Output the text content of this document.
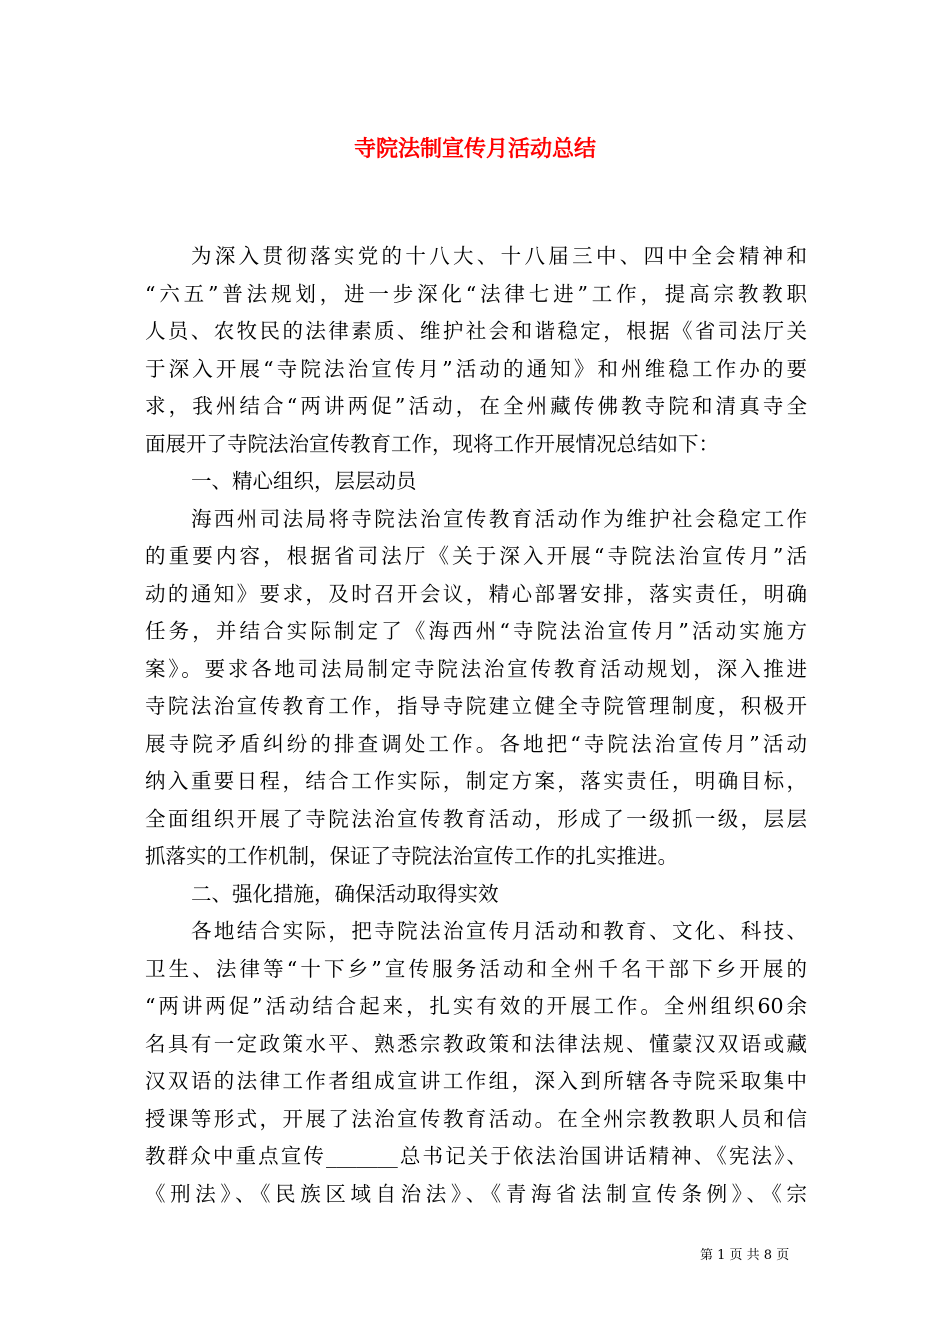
寺院法制宣传月活动总结
为深入贯彻落实党的十八大、十八届三中、四中全会精神和
“六五”普法规划，进一步深化“法律七进”工作，提高宗教教职
人员、农牧民的法律素质、维护社会和谐稳定，根据《省司法厅关
于深入开展“寺院法治宣传月”活动的通知》和州维稳工作办的要
求，我州结合“两讲两促”活动，在全州藏传佛教寺院和清真寺全
面展开了寺院法治宣传教育工作，现将工作开展情况总结如下：
一、精心组织，层层动员
海西州司法局将寺院法治宣传教育活动作为维护社会稳定工作
的重要内容，根据省司法厅《关于深入开展“寺院法治宣传月”活
动的通知》要求，及时召开会议，精心部署安排，落实责任，明确
任务，并结合实际制定了《海西州“寺院法治宣传月”活动实施方
案》。要求各地司法局制定寺院法治宣传教育活动规划，深入推进
寺院法治宣传教育工作，指导寺院建立健全寺院管理制度，积极开
展寺院矛盾纠纷的排查调处工作。各地把“寺院法治宣传月”活动
纳入重要日程，结合工作实际，制定方案，落实责任，明确目标，
全面组织开展了寺院法治宣传教育活动，形成了一级抓一级，层层
抓落实的工作机制，保证了寺院法治宣传工作的扎实推进。
二、强化措施，确保活动取得实效
各地结合实际，把寺院法治宣传月活动和教育、文化、科技、
卫生、法律等“十下乡”宣传服务活动和全州千名干部下乡开展的
“两讲两促”活动结合起来，扎实有效的开展工作。全州组织60余
名具有一定政策水平、熟悉宗教政策和法律法规、懂蒙汉双语或藏
汉双语的法律工作者组成宣讲工作组，深入到所辖各寺院采取集中
授课等形式，开展了法治宣传教育活动。在全州宗教教职人员和信
教群众中重点宣传_______总书记关于依法治国讲话精神、《宪法》、
《刑法》、《民族区域自治法》、《青海省法制宣传条例》、《宗
第 1 页 共 8 页
